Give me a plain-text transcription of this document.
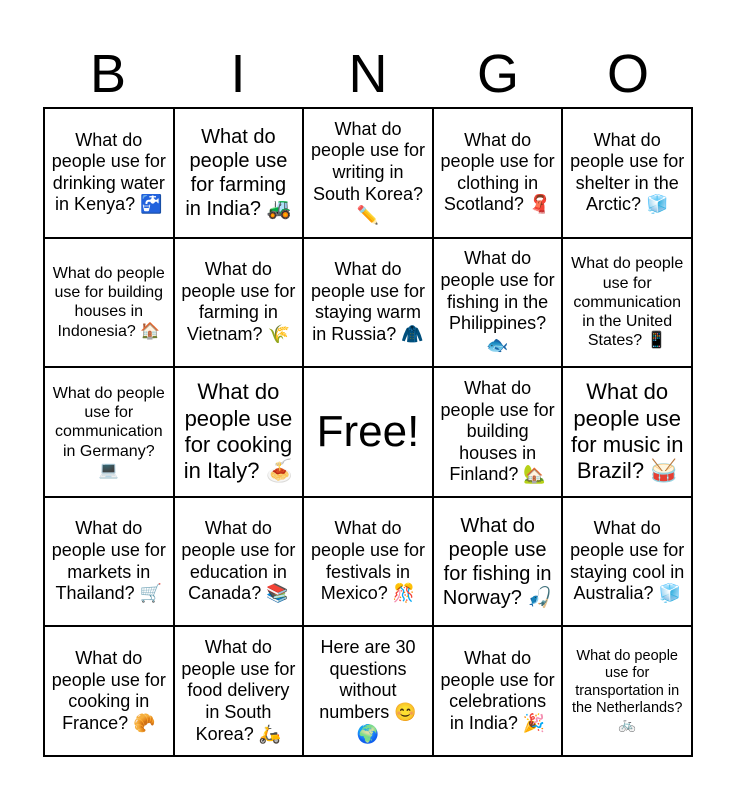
B	I	N	G	O
What do people use for drinking water in Kenya? 🚰
What do people use for farming in India? 🚜
What do people use for writing in South Korea? ✏️
What do people use for clothing in Scotland? 🧣
What do people use for shelter in the Arctic? 🧊
What do people use for building houses in Indonesia? 🏠
What do people use for farming in Vietnam? 🌾
What do people use for staying warm in Russia? 🧥
What do people use for fishing in the Philippines? 🐟
What do people use for communication in the United States? 📱
What do people use for communication in Germany? 💻
What do people use for cooking in Italy? 🍝
Free!
What do people use for building houses in Finland? 🏡
What do people use for music in Brazil? 🥁
What do people use for markets in Thailand? 🛒
What do people use for education in Canada? 📚
What do people use for festivals in Mexico? 🎊
What do people use for fishing in Norway? 🎣
What do people use for staying cool in Australia? 🧊
What do people use for cooking in France? 🥐
What do people use for food delivery in South Korea? 🛵
Here are 30 questions without numbers 😊 🌍
What do people use for celebrations in India? 🎉
What do people use for transportation in the Netherlands? 🚲
